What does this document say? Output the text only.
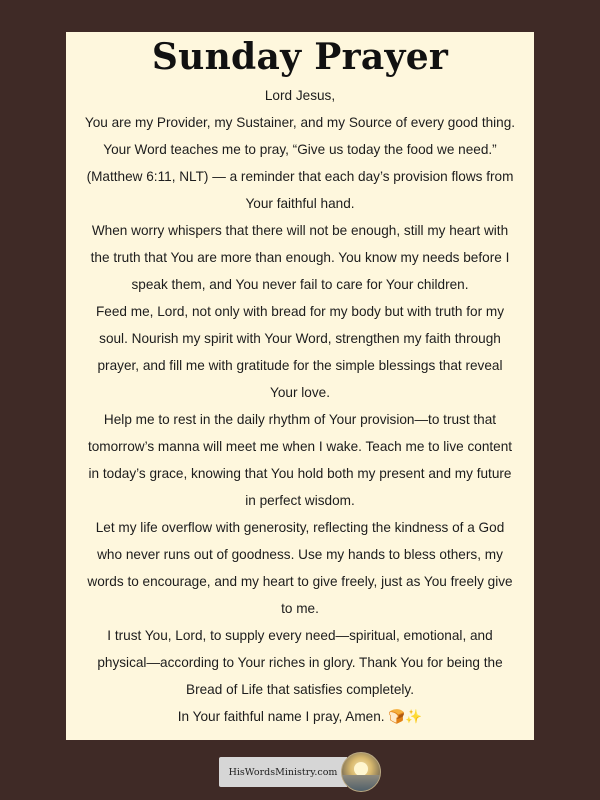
Sunday Prayer

Lord Jesus,

You are my Provider, my Sustainer, and my Source of every good thing. Your Word teaches me to pray, “Give us today the food we need.” (Matthew 6:11, NLT) — a reminder that each day’s provision flows from Your faithful hand.

When worry whispers that there will not be enough, still my heart with the truth that You are more than enough. You know my needs before I speak them, and You never fail to care for Your children.

Feed me, Lord, not only with bread for my body but with truth for my soul. Nourish my spirit with Your Word, strengthen my faith through prayer, and fill me with gratitude for the simple blessings that reveal Your love.

Help me to rest in the daily rhythm of Your provision—to trust that tomorrow’s manna will meet me when I wake. Teach me to live content in today’s grace, knowing that You hold both my present and my future in perfect wisdom.

Let my life overflow with generosity, reflecting the kindness of a God who never runs out of goodness. Use my hands to bless others, my words to encourage, and my heart to give freely, just as You freely give to me.

I trust You, Lord, to supply every need—spiritual, emotional, and physical—according to Your riches in glory. Thank You for being the Bread of Life that satisfies completely.

In Your faithful name I pray, Amen. 🍞✨

HisWordsMinistry.com
